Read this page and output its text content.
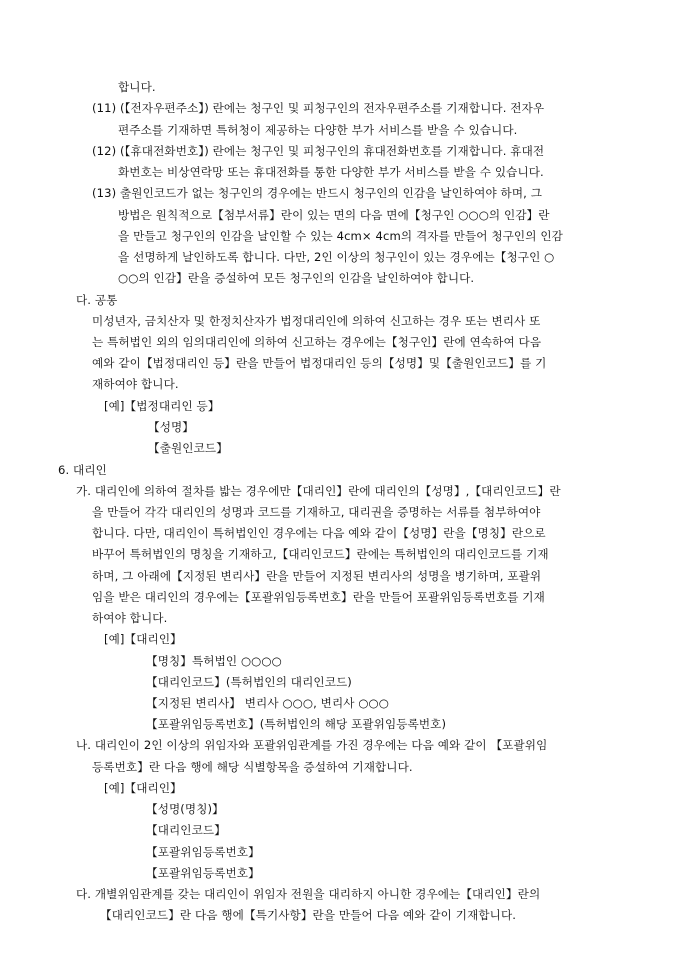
합니다.
(11) (【전자우편주소】) 란에는 청구인 및 피청구인의 전자우편주소를 기재합니다. 전자우
편주소를 기재하면 특허청이 제공하는 다양한 부가 서비스를 받을 수 있습니다.
(12) (【휴대전화번호】) 란에는 청구인 및 피청구인의 휴대전화번호를 기재합니다. 휴대전
화번호는 비상연락망 또는 휴대전화를 통한 다양한 부가 서비스를 받을 수 있습니다.
(13) 출원인코드가 없는 청구인의 경우에는 반드시 청구인의 인감을 날인하여야 하며, 그
방법은 원칙적으로【첨부서류】란이 있는 면의 다음 면에【청구인 ○○○의 인감】란
을 만들고 청구인의 인감을 날인할 수 있는 4cm× 4cm의 격자를 만들어 청구인의 인감
을 선명하게 날인하도록 합니다. 다만, 2인 이상의 청구인이 있는 경우에는【청구인 ○
○○의 인감】란을 증설하여 모든 청구인의 인감을 날인하여야 합니다.
다. 공통
미성년자, 금치산자 및 한정치산자가 법정대리인에 의하여 신고하는 경우 또는 변리사 또
는 특허법인 외의 임의대리인에 의하여 신고하는 경우에는【청구인】란에 연속하여 다음
예와 같이【법정대리인 등】란을 만들어 법정대리인 등의【성명】및【출원인코드】를 기
재하여야 합니다.
[예]【법정대리인 등】
【성명】
【출원인코드】
6. 대리인
가. 대리인에 의하여 절차를 밟는 경우에만【대리인】란에 대리인의【성명】,【대리인코드】란
을 만들어 각각 대리인의 성명과 코드를 기재하고, 대리권을 증명하는 서류를 첨부하여야
합니다. 다만, 대리인이 특허법인인 경우에는 다음 예와 같이【성명】란을【명칭】란으로
바꾸어 특허법인의 명칭을 기재하고,【대리인코드】란에는 특허법인의 대리인코드를 기재
하며, 그 아래에【지정된 변리사】란을 만들어 지정된 변리사의 성명을 병기하며, 포괄위
임을 받은 대리인의 경우에는【포괄위임등록번호】란을 만들어 포괄위임등록번호를 기재
하여야 합니다.
[예]【대리인】
【명칭】특허법인 ○○○○
【대리인코드】(특허법인의 대리인코드)
【지정된 변리사】 변리사 ○○○, 변리사 ○○○
【포괄위임등록번호】(특허법인의 해당 포괄위임등록번호)
나. 대리인이 2인 이상의 위임자와 포괄위임관계를 가진 경우에는 다음 예와 같이 【포괄위임
등록번호】란 다음 행에 해당 식별항목을 증설하여 기재합니다.
[예]【대리인】
【성명(명칭)】
【대리인코드】
【포괄위임등록번호】
【포괄위임등록번호】
다. 개별위임관계를 갖는 대리인이 위임자 전원을 대리하지 아니한 경우에는【대리인】란의
【대리인코드】란 다음 행에【특기사항】란을 만들어 다음 예와 같이 기재합니다.
